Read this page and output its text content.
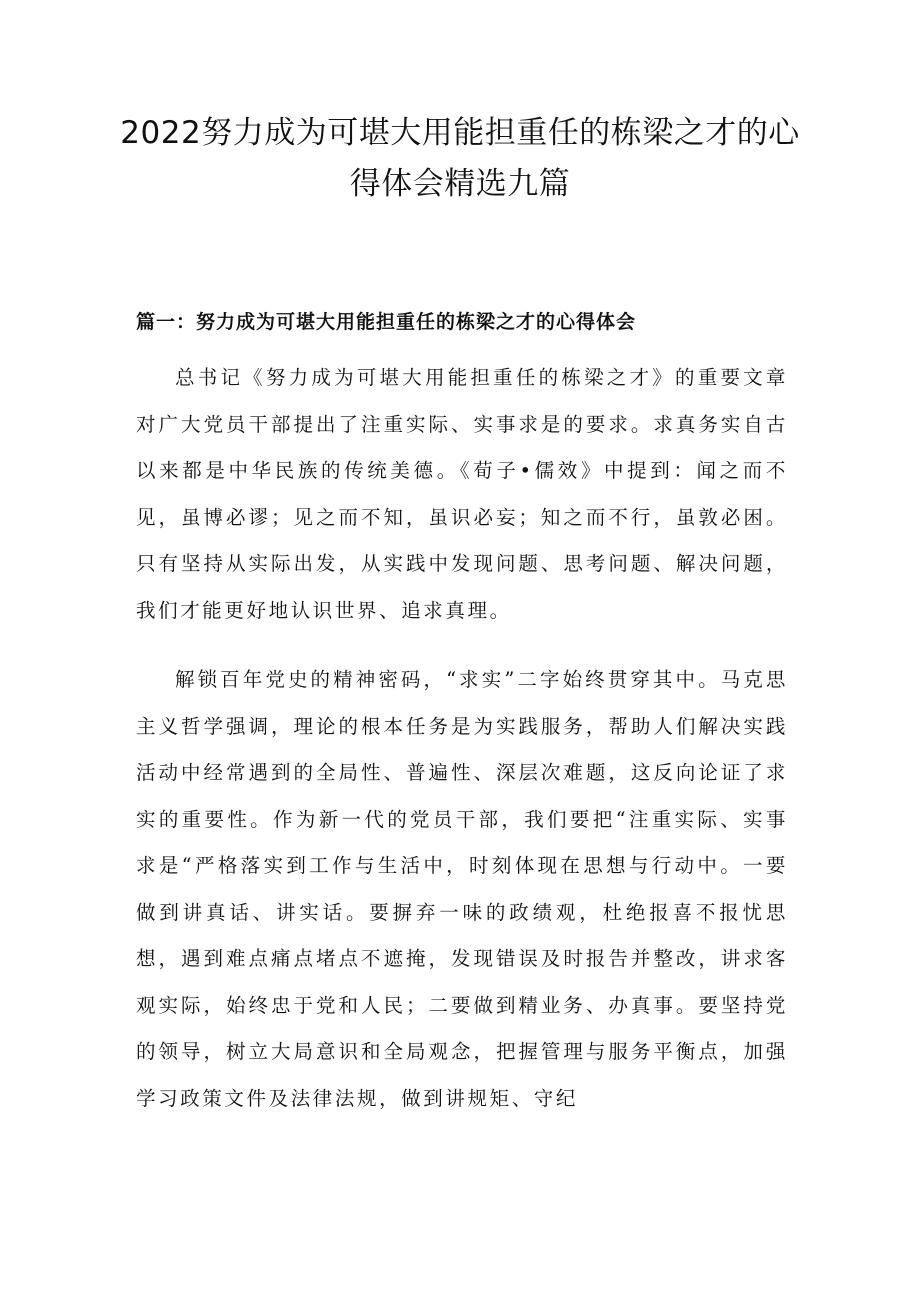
2022努力成为可堪大用能担重任的栋梁之才的心得体会精选九篇
篇一：努力成为可堪大用能担重任的栋梁之才的心得体会

总书记《努力成为可堪大用能担重任的栋梁之才》的重要文章对广大党员干部提出了注重实际、实事求是的要求。求真务实自古以来都是中华民族的传统美德。《荀子•儒效》中提到：闻之而不见，虽博必谬；见之而不知，虽识必妄；知之而不行，虽敦必困。只有坚持从实际出发，从实践中发现问题、思考问题、解决问题，我们才能更好地认识世界、追求真理。

解锁百年党史的精神密码，“求实”二字始终贯穿其中。马克思主义哲学强调，理论的根本任务是为实践服务，帮助人们解决实践活动中经常遇到的全局性、普遍性、深层次难题，这反向论证了求实的重要性。作为新一代的党员干部，我们要把“注重实际、实事求是“严格落实到工作与生活中，时刻体现在思想与行动中。一要做到讲真话、讲实话。要摒弃一味的政绩观，杜绝报喜不报忧思想，遇到难点痛点堵点不遮掩，发现错误及时报告并整改，讲求客观实际，始终忠于党和人民；二要做到精业务、办真事。要坚持党的领导，树立大局意识和全局观念，把握管理与服务平衡点，加强学习政策文件及法律法规，做到讲规矩、守纪
